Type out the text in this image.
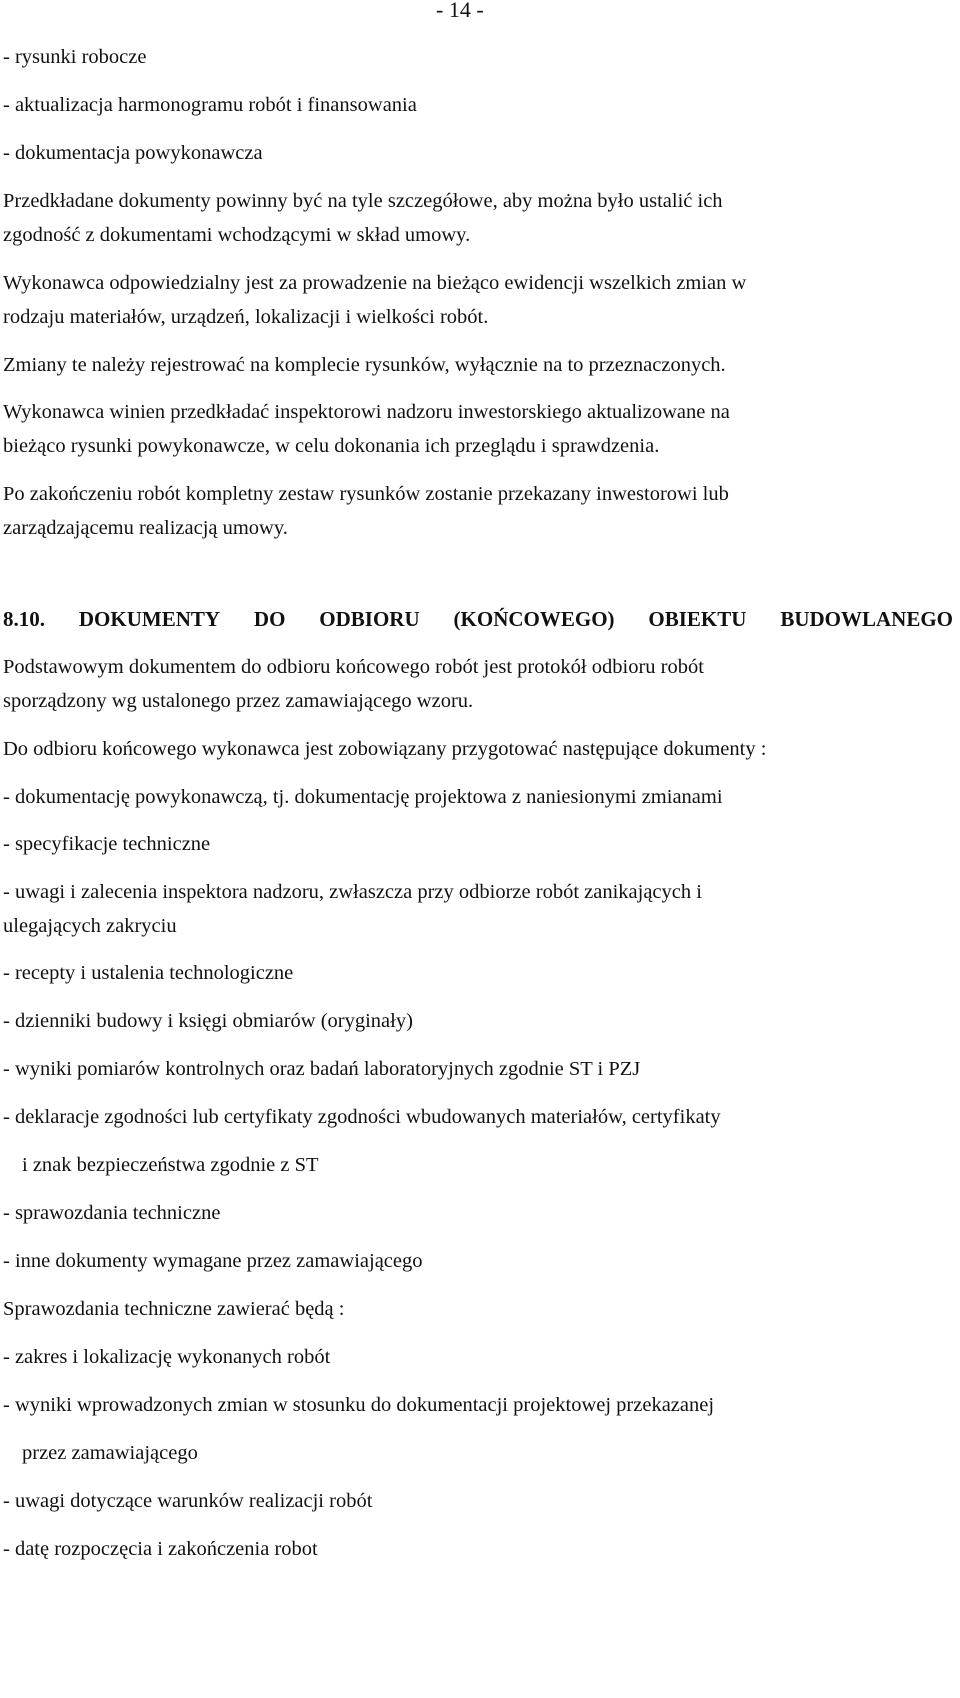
- 14 -
- rysunki robocze
- aktualizacja harmonogramu robót i finansowania
- dokumentacja powykonawcza
Przedkładane dokumenty powinny być na tyle szczegółowe, aby można było ustalić ich
zgodność z dokumentami wchodzącymi w skład umowy.
Wykonawca odpowiedzialny jest za prowadzenie na bieżąco ewidencji wszelkich zmian w
rodzaju materiałów, urządzeń, lokalizacji i wielkości robót.
Zmiany te należy rejestrować na komplecie rysunków, wyłącznie na to przeznaczonych.
Wykonawca winien przedkładać inspektorowi nadzoru inwestorskiego aktualizowane na
bieżąco rysunki powykonawcze, w celu dokonania ich przeglądu i sprawdzenia.
Po zakończeniu robót kompletny zestaw rysunków zostanie przekazany inwestorowi lub
zarządzającemu realizacją umowy.
8.10. DOKUMENTY DO ODBIORU (KOŃCOWEGO) OBIEKTU BUDOWLANEGO
Podstawowym dokumentem do odbioru końcowego robót jest protokół odbioru robót
sporządzony wg ustalonego przez zamawiającego wzoru.
Do odbioru końcowego wykonawca jest zobowiązany przygotować następujące dokumenty :
- dokumentację powykonawczą, tj. dokumentację projektowa z naniesionymi zmianami
- specyfikacje techniczne
- uwagi i zalecenia inspektora nadzoru, zwłaszcza przy odbiorze robót zanikających i
ulegających zakryciu
- recepty i ustalenia technologiczne
- dzienniki budowy i księgi obmiarów (oryginały)
- wyniki pomiarów kontrolnych oraz badań laboratoryjnych zgodnie ST i PZJ
- deklaracje zgodności lub certyfikaty zgodności wbudowanych materiałów, certyfikaty
i znak bezpieczeństwa zgodnie z ST
- sprawozdania techniczne
- inne dokumenty wymagane przez zamawiającego
Sprawozdania techniczne zawierać będą :
- zakres i lokalizację wykonanych robót
- wyniki wprowadzonych zmian w stosunku do dokumentacji projektowej przekazanej
przez zamawiającego
- uwagi dotyczące warunków realizacji robót
- datę rozpoczęcia i zakończenia robot
